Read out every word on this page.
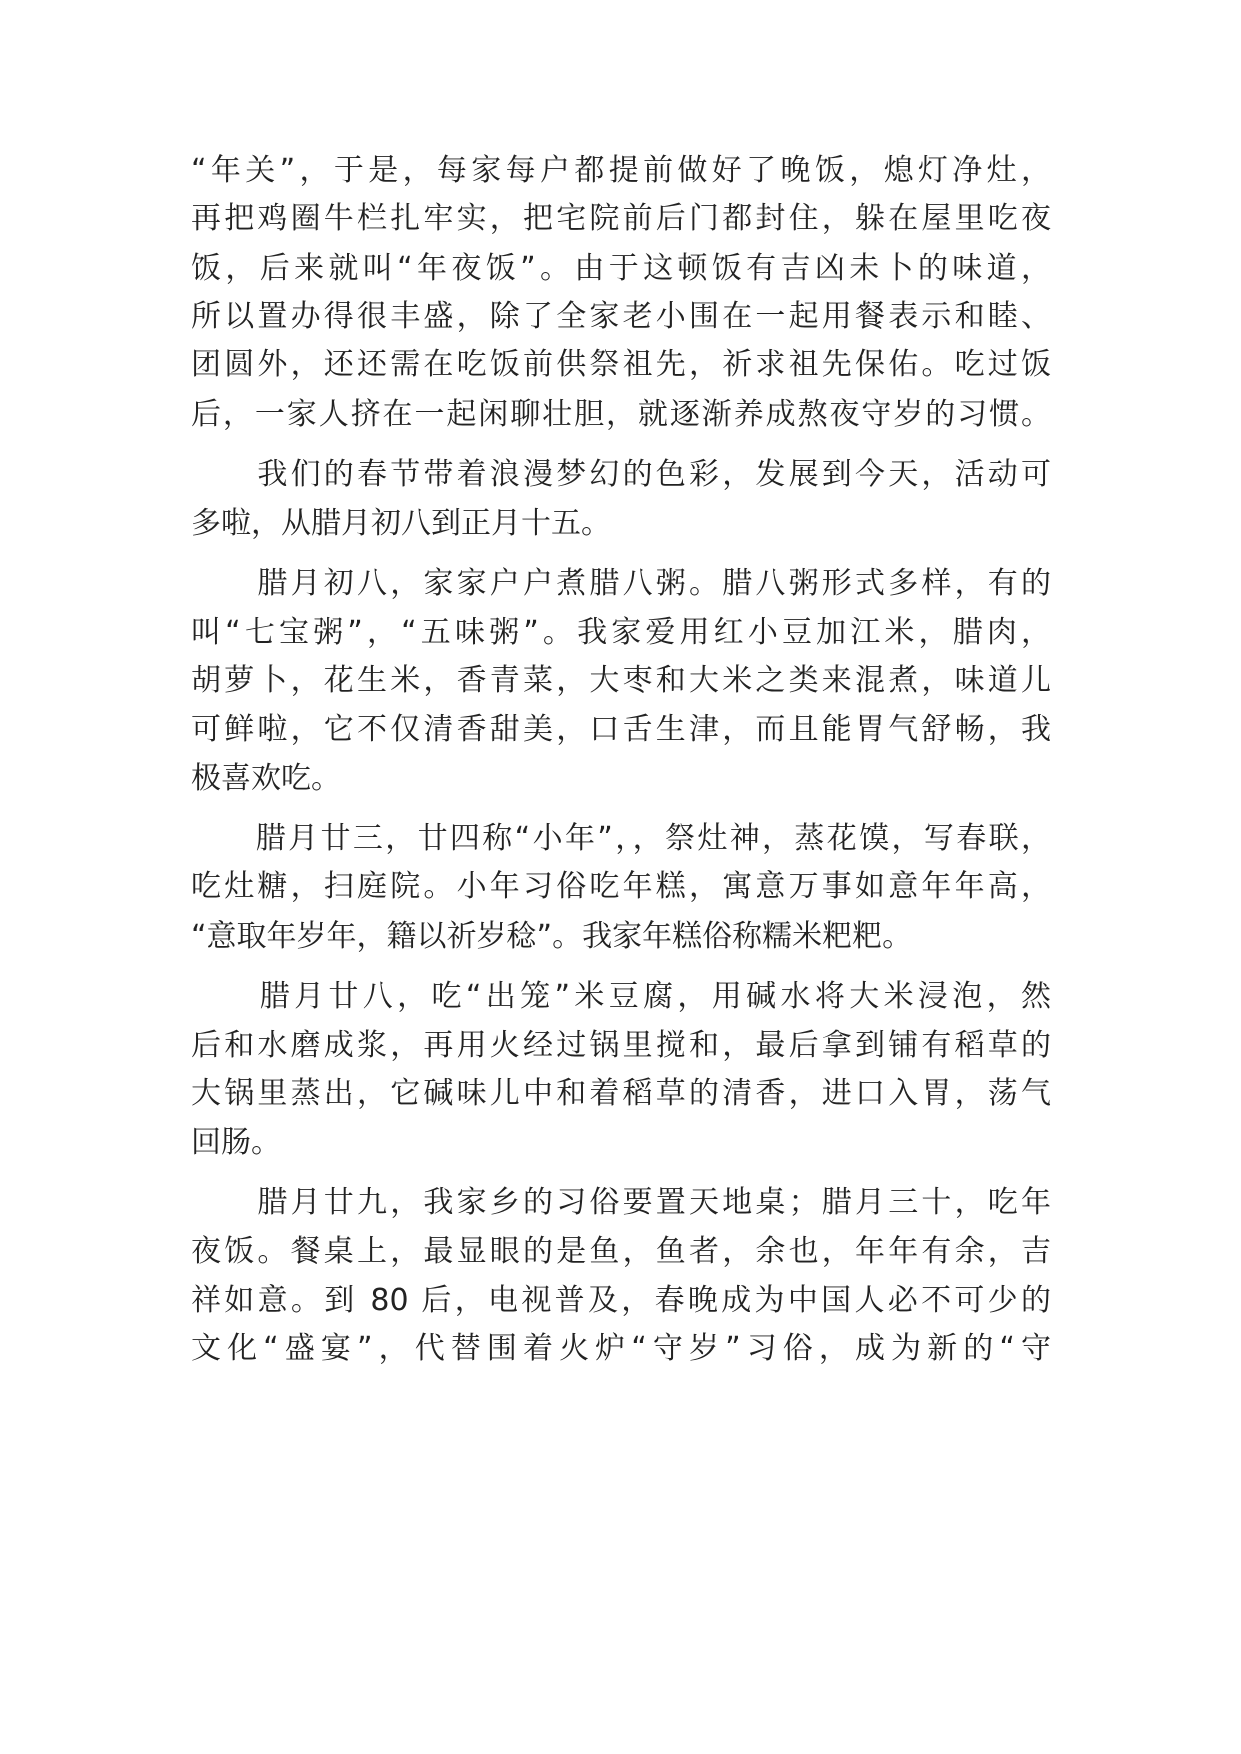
“年关”，于是，每家每户都提前做好了晚饭，熄灯净灶，
再把鸡圈牛栏扎牢实，把宅院前后门都封住，躲在屋里吃夜
饭，后来就叫“年夜饭”。由于这顿饭有吉凶未卜的味道，
所以置办得很丰盛，除了全家老小围在一起用餐表示和睦、
团圆外，还还需在吃饭前供祭祖先，祈求祖先保佑。吃过饭
后，一家人挤在一起闲聊壮胆，就逐渐养成熬夜守岁的习惯。
　　我们的春节带着浪漫梦幻的色彩，发展到今天，活动可
多啦，从腊月初八到正月十五。
　　腊月初八，家家户户煮腊八粥。腊八粥形式多样，有的
叫“七宝粥”，“五味粥”。我家爱用红小豆加江米，腊肉，
胡萝卜，花生米，香青菜，大枣和大米之类来混煮，味道儿
可鲜啦，它不仅清香甜美，口舌生津，而且能胃气舒畅，我
极喜欢吃。
　　腊月廿三，廿四称“小年”，，祭灶神，蒸花馍，写春联，
吃灶糖，扫庭院。小年习俗吃年糕，寓意万事如意年年高，
“意取年岁年，籍以祈岁稔”。我家年糕俗称糯米粑粑。
　　腊月廿八，吃“出笼”米豆腐，用碱水将大米浸泡，然
后和水磨成浆，再用火经过锅里搅和，最后拿到铺有稻草的
大锅里蒸出，它碱味儿中和着稻草的清香，进口入胃，荡气
回肠。
　　腊月廿九，我家乡的习俗要置天地桌；腊月三十，吃年
夜饭。餐桌上，最显眼的是鱼，鱼者，余也，年年有余，吉
祥如意。到 80 后，电视普及，春晚成为中国人必不可少的
文化“盛宴”，代替围着火炉“守岁”习俗，成为新的“守
